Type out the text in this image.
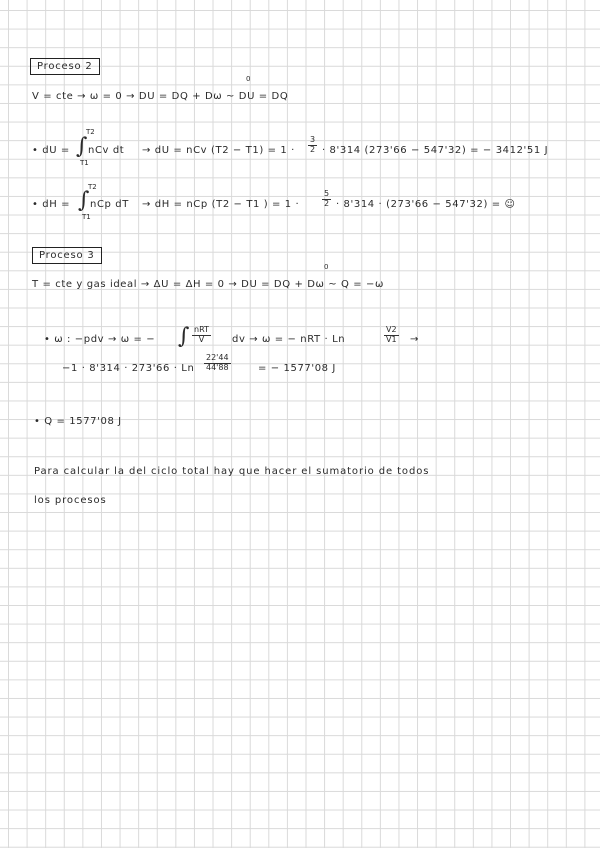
Proceso 2
V = cte → ω = 0 → DU = DQ + Dω ~ DU = DQ
0
• dU =
T2
∫
T1
nCv dt → dU = nCv $(T2 - T1) = 1 \cdot \frac{3}{2} \cdot 8'314$ (273'66 − 547'32) = − 3412'51 J
• dH =
T2
∫
T1
nCp dT → dH = nCp (T2 − T1 ) = 1 ·	$\frac{5}{2} \cdot 8'314 \cdot (273'66 - 547'32)$ = ☺
Proceso 3
T = cte y gas ideal → ΔU = ΔH = 0 → DU = DQ + Dω ~ Q = −ω
0
• ω : −pdv → ω = − ∫ nRT
V	dv → ω = − nRT · Ln	$\frac{V2}{V1}$ →
−1 · 8'314 · 273'66 · Ln $\frac{22'44}{44'88}$	= − 1577'08 J
• Q = 1577'08 J
Para calcular la del ciclo total hay que hacer el sumatorio de todos
los procesos
